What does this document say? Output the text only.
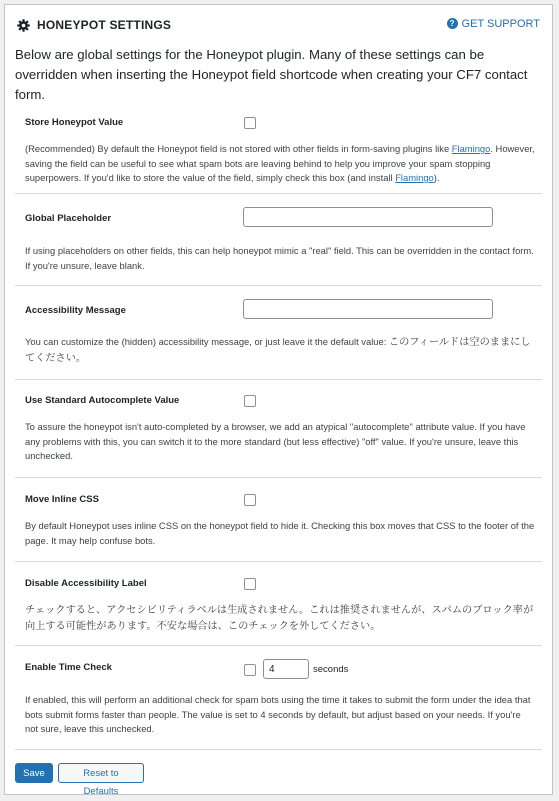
HONEYPOT SETTINGS	? GET SUPPORT
Below are global settings for the Honeypot plugin. Many of these settings can be overridden when inserting the Honeypot field shortcode when creating your CF7 contact form.
Store Honeypot Value
(Recommended) By default the Honeypot field is not stored with other fields in form-saving plugins like Flamingo. However, saving the field can be useful to see what spam bots are leaving behind to help you improve your spam stopping superpowers. If you'd like to store the value of the field, simply check this box (and install Flamingo).
Global Placeholder
If using placeholders on other fields, this can help honeypot mimic a "real" field. This can be overridden in the contact form. If you're unsure, leave blank.
Accessibility Message
You can customize the (hidden) accessibility message, or just leave it the default value: このフィールドは空のままにしてください。
Use Standard Autocomplete Value
To assure the honeypot isn't auto-completed by a browser, we add an atypical "autocomplete" attribute value. If you have any problems with this, you can switch it to the more standard (but less effective) "off" value. If you're unsure, leave this unchecked.
Move Inline CSS
By default Honeypot uses inline CSS on the honeypot field to hide it. Checking this box moves that CSS to the footer of the page. It may help confuse bots.
Disable Accessibility Label
チェックすると、アクセシビリティラベルは生成されません。これは推奨されませんが、スパムのブロック率が向上する可能性があります。不安な場合は、このチェックを外してください。
Enable Time Check
4	seconds
If enabled, this will perform an additional check for spam bots using the time it takes to submit the form under the idea that bots submit forms faster than people. The value is set to 4 seconds by default, but adjust based on your needs. If you're not sure, leave this unchecked.
Save	Reset to Defaults
